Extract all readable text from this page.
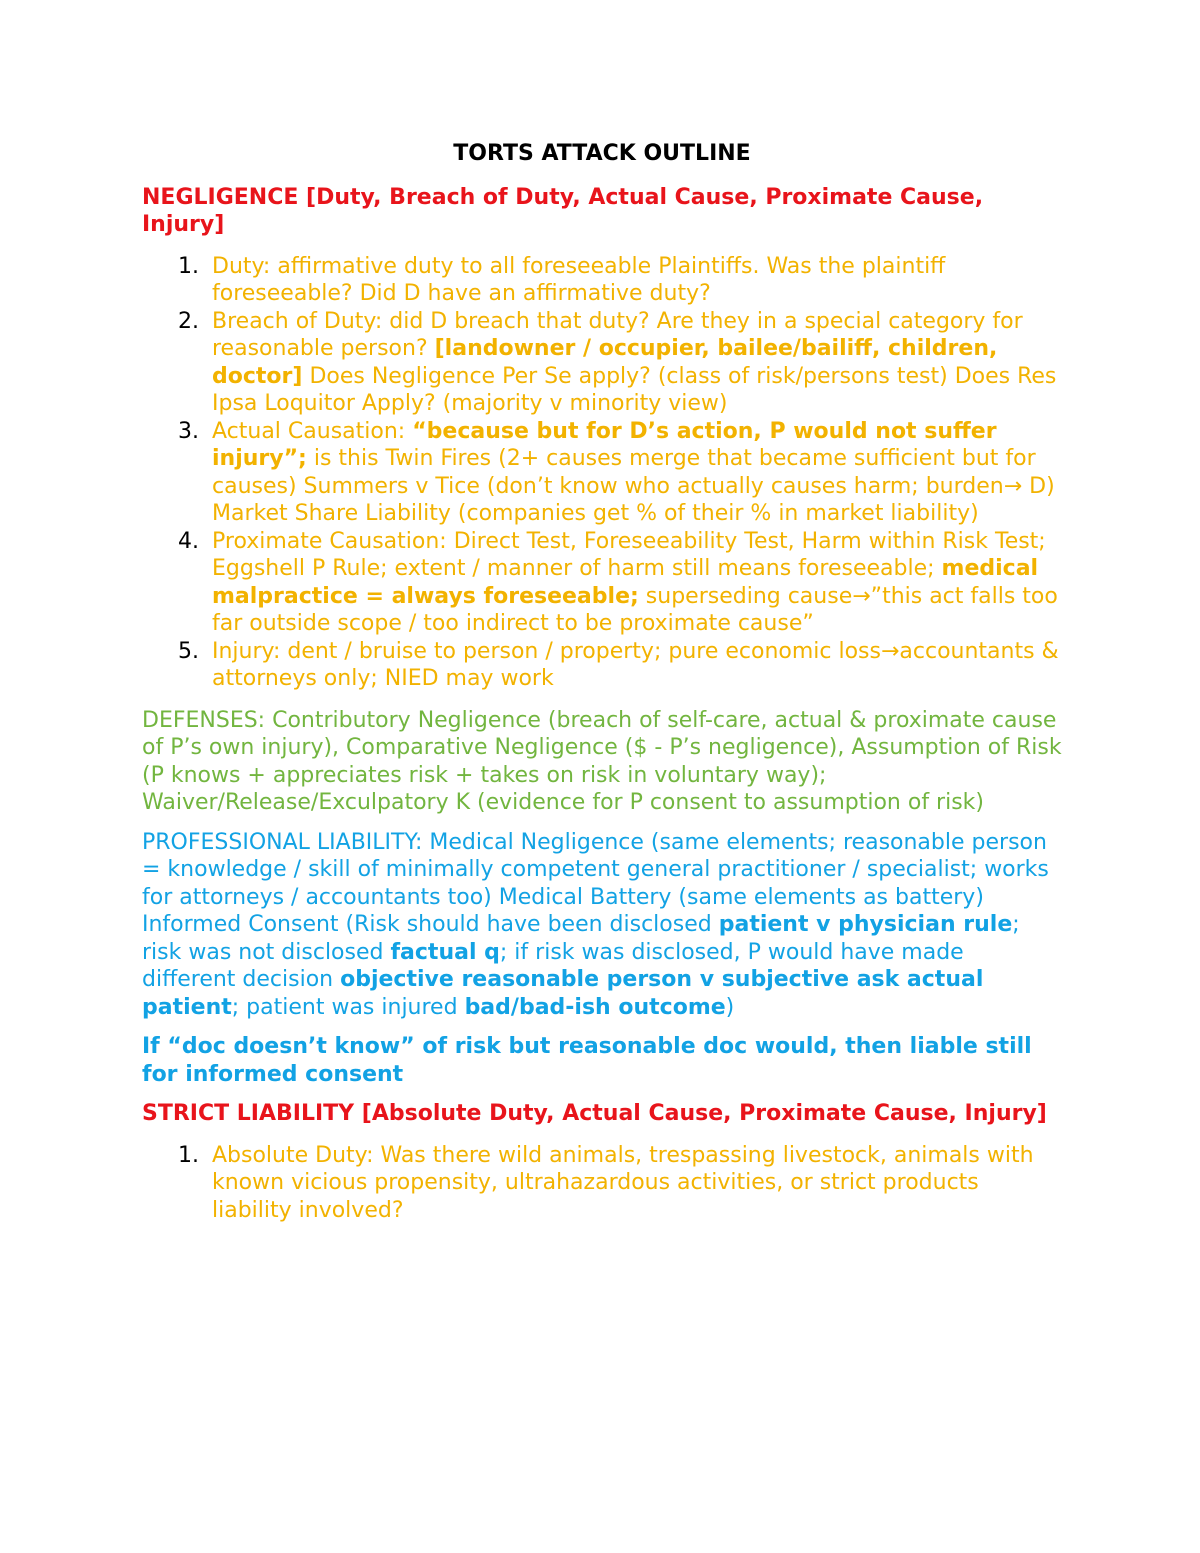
TORTS ATTACK OUTLINE

NEGLIGENCE [Duty, Breach of Duty, Actual Cause, Proximate Cause, Injury]

1. Duty: affirmative duty to all foreseeable Plaintiffs. Was the plaintiff foreseeable? Did D have an affirmative duty?
2. Breach of Duty: did D breach that duty? Are they in a special category for reasonable person? [landowner / occupier, bailee/bailiff, children, doctor] Does Negligence Per Se apply? (class of risk/persons test) Does Res Ipsa Loquitor Apply? (majority v minority view)
3. Actual Causation: “because but for D’s action, P would not suffer injury”; is this Twin Fires (2+ causes merge that became sufficient but for causes) Summers v Tice (don’t know who actually causes harm; burden→ D) Market Share Liability (companies get % of their % in market liability)
4. Proximate Causation: Direct Test, Foreseeability Test, Harm within Risk Test; Eggshell P Rule; extent / manner of harm still means foreseeable; medical malpractice = always foreseeable; superseding cause→”this act falls too far outside scope / too indirect to be proximate cause”
5. Injury: dent / bruise to person / property; pure economic loss→accountants & attorneys only; NIED may work

DEFENSES: Contributory Negligence (breach of self-care, actual & proximate cause of P’s own injury), Comparative Negligence ($ - P’s negligence), Assumption of Risk (P knows + appreciates risk + takes on risk in voluntary way); Waiver/Release/Exculpatory K (evidence for P consent to assumption of risk)

PROFESSIONAL LIABILITY: Medical Negligence (same elements; reasonable person = knowledge / skill of minimally competent general practitioner / specialist; works for attorneys / accountants too) Medical Battery (same elements as battery) Informed Consent (Risk should have been disclosed patient v physician rule; risk was not disclosed factual q; if risk was disclosed, P would have made different decision objective reasonable person v subjective ask actual patient; patient was injured bad/bad-ish outcome)

If “doc doesn’t know” of risk but reasonable doc would, then liable still for informed consent

STRICT LIABILITY [Absolute Duty, Actual Cause, Proximate Cause, Injury]

1. Absolute Duty: Was there wild animals, trespassing livestock, animals with known vicious propensity, ultrahazardous activities, or strict products liability involved?
